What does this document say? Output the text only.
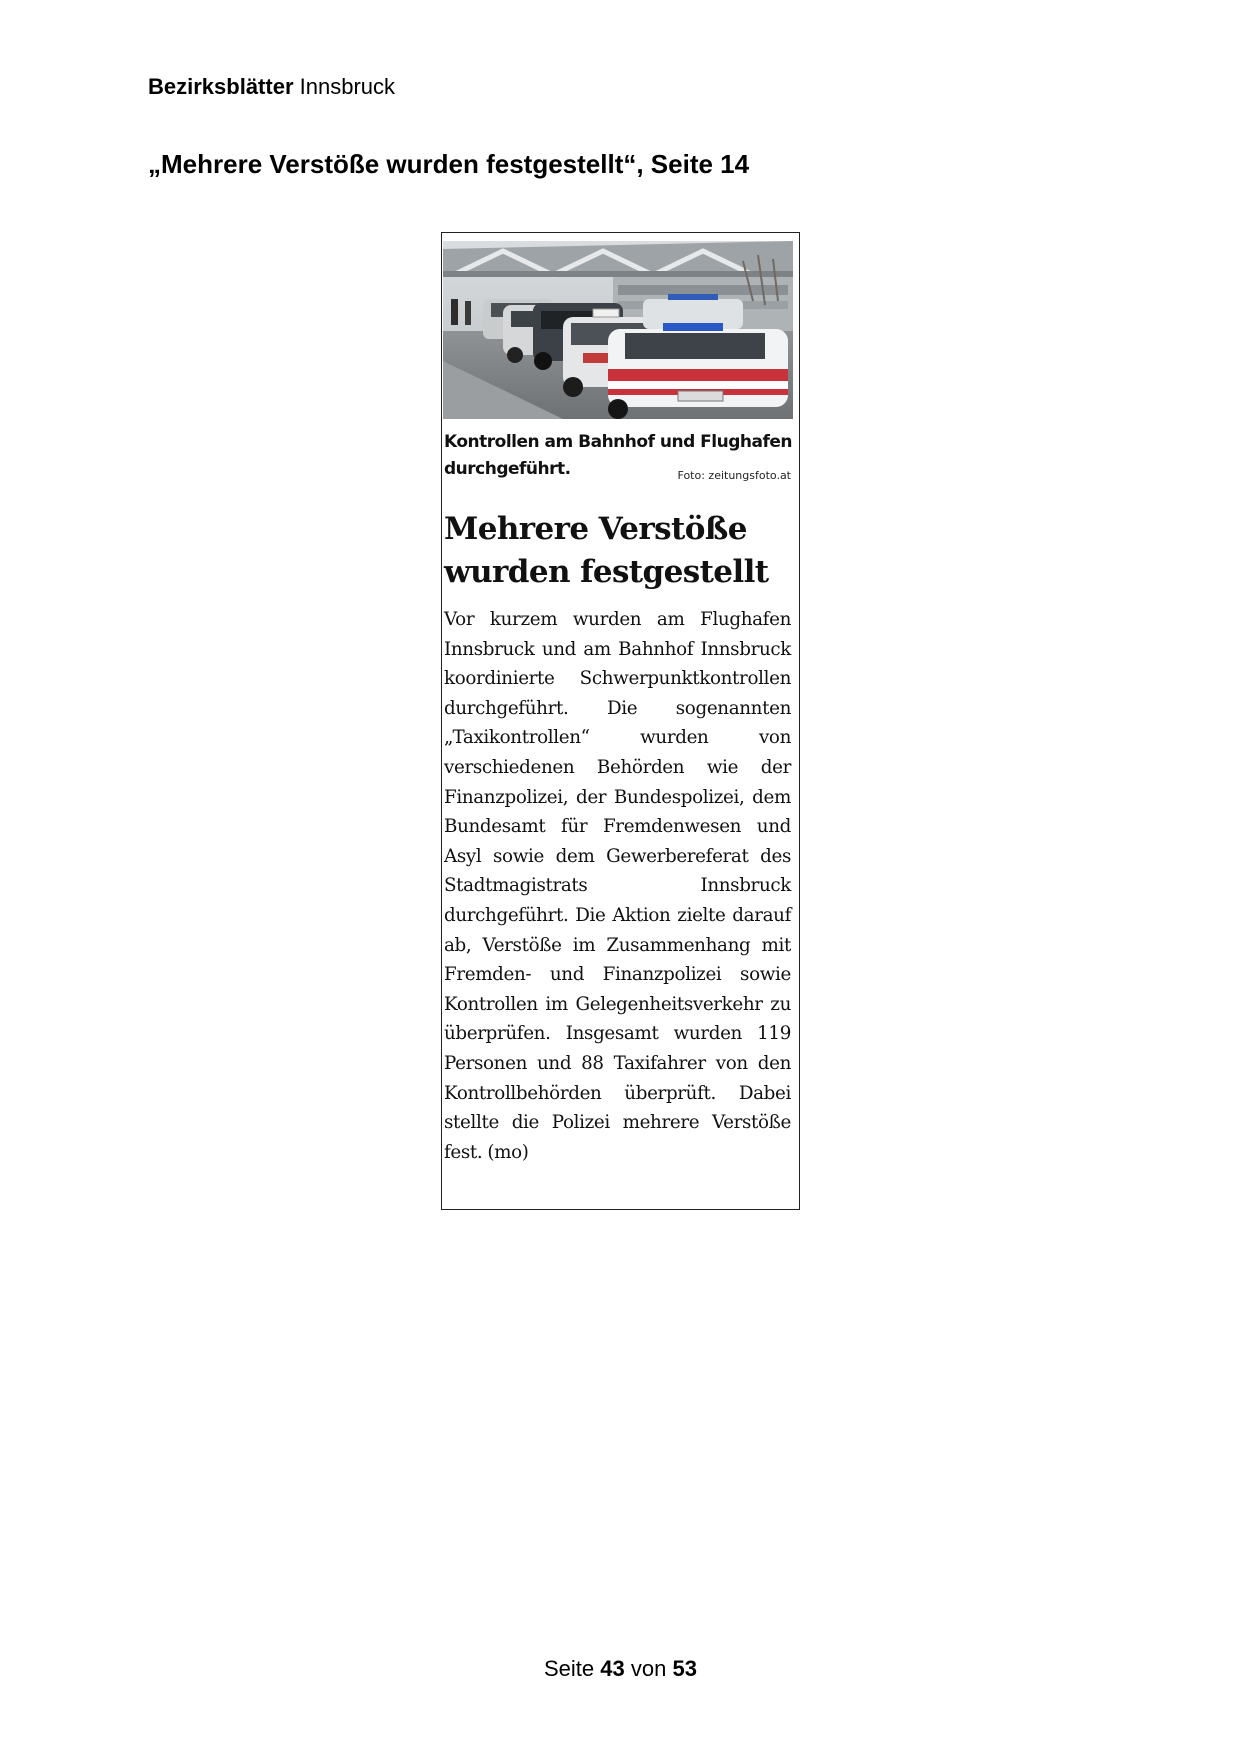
Bezirksblätter Innsbruck
„Mehrere Verstöße wurden festgestellt“, Seite 14
Kontrollen am Bahnhof und Flughafen durchgeführt.	Foto: zeitungsfoto.at
Mehrere Verstöße wurden festgestellt
Vor kurzem wurden am Flughafen Innsbruck und am Bahnhof Innsbruck koordinierte Schwerpunktkontrollen durchgeführt. Die sogenannten „Taxikontrollen“ wurden von verschiedenen Behörden wie der Finanzpolizei, der Bundespolizei, dem Bundesamt für Fremdenwesen und Asyl sowie dem Gewerbereferat des Stadtmagistrats Innsbruck durchgeführt. Die Aktion zielte darauf ab, Verstöße im Zusammenhang mit Fremden- und Finanzpolizei sowie Kontrollen im Gelegenheitsverkehr zu überprüfen. Insgesamt wurden 119 Personen und 88 Taxifahrer von den Kontrollbehörden überprüft. Dabei stellte die Polizei mehrere Verstöße fest. (mo)
Seite 43 von 53
